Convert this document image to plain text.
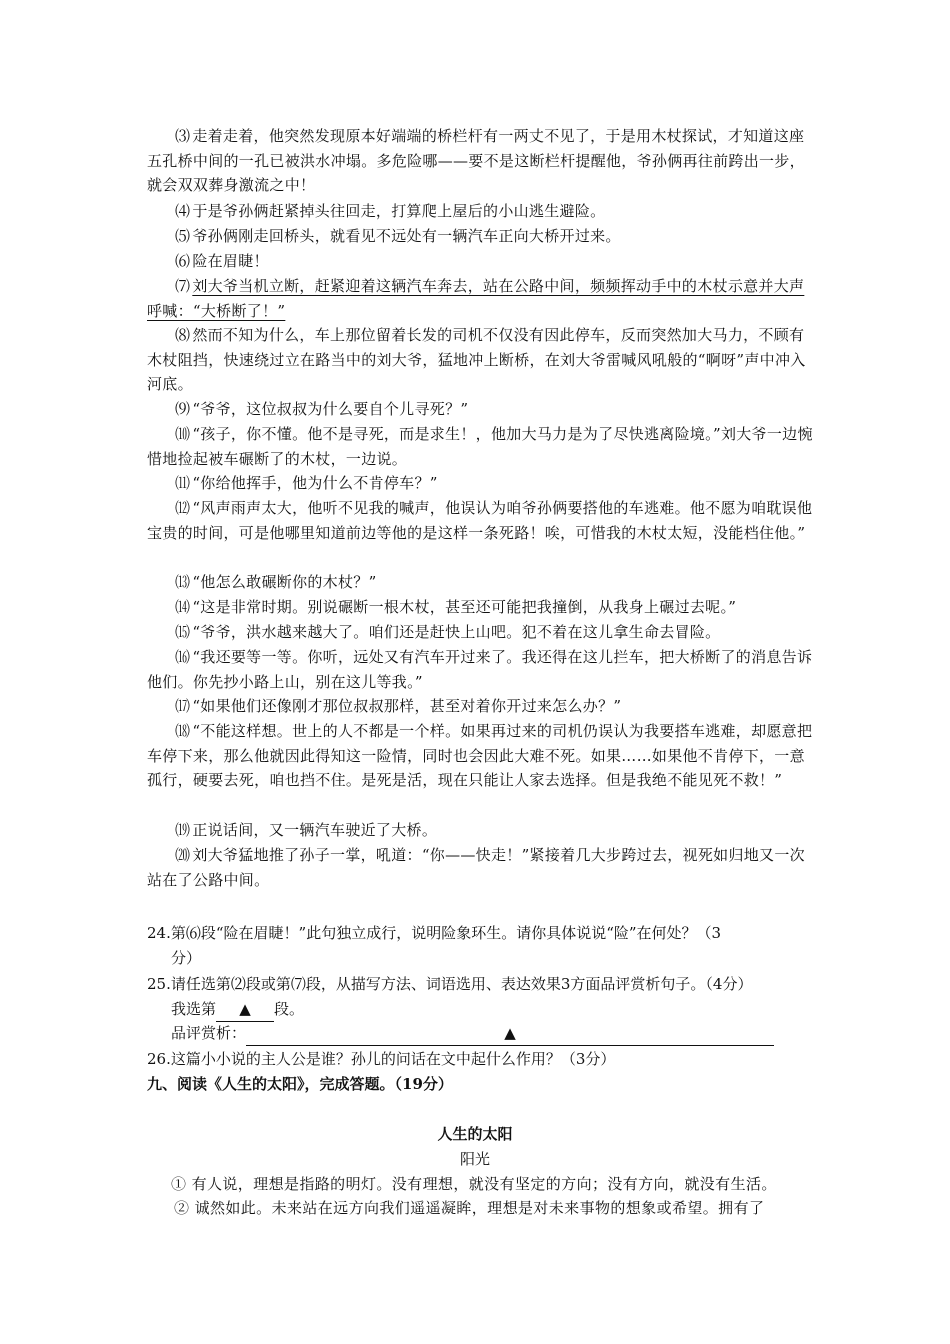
⑶ 走着走着，他突然发现原本好端端的桥栏杆有一两丈不见了，于是用木杖探试，才知道这座五孔桥中间的一孔已被洪水冲塌。多危险哪——要不是这断栏杆提醒他，爷孙俩再往前跨出一步，就会双双葬身激流之中！

⑷ 于是爷孙俩赶紧掉头往回走，打算爬上屋后的小山逃生避险。

⑸ 爷孙俩刚走回桥头，就看见不远处有一辆汽车正向大桥开过来。

⑹ 险在眉睫！

⑺ 刘大爷当机立断，赶紧迎着这辆汽车奔去，站在公路中间，频频挥动手中的木杖示意并大声呼喊：“大桥断了！”

⑻ 然而不知为什么，车上那位留着长发的司机不仅没有因此停车，反而突然加大马力，不顾有木杖阻挡，快速绕过立在路当中的刘大爷，猛地冲上断桥，在刘大爷雷喊风吼般的“啊呀”声中冲入河底。

⑼ “爷爷，这位叔叔为什么要自个儿寻死？”

⑽ “孩子，你不懂。他不是寻死，而是求生！，他加大马力是为了尽快逃离险境。”刘大爷一边惋惜地捡起被车碾断了的木杖，一边说。

⑾ “你给他挥手，他为什么不肯停车？”

⑿ “风声雨声太大，他听不见我的喊声，他误认为咱爷孙俩要搭他的车逃难。他不愿为咱耽误他宝贵的时间，可是他哪里知道前边等他的是这样一条死路！唉，可惜我的木杖太短，没能档住他。”

⒀ “他怎么敢碾断你的木杖？”

⒁ “这是非常时期。别说碾断一根木杖，甚至还可能把我撞倒，从我身上碾过去呢。”

⒂ “爷爷，洪水越来越大了。咱们还是赶快上山吧。犯不着在这儿拿生命去冒险。

⒃ “我还要等一等。你听，远处又有汽车开过来了。我还得在这儿拦车，把大桥断了的消息告诉他们。你先抄小路上山，别在这儿等我。”

⒄ “如果他们还像刚才那位叔叔那样，甚至对着你开过来怎么办？”

⒅ “不能这样想。世上的人不都是一个样。如果再过来的司机仍误认为我要搭车逃难，却愿意把车停下来，那么他就因此得知这一险情，同时也会因此大难不死。如果……如果他不肯停下，一意孤行，硬要去死，咱也挡不住。是死是活，现在只能让人家去选择。但是我绝不能见死不救！”

⒆ 正说话间，又一辆汽车驶近了大桥。

⒇ 刘大爷猛地推了孙子一掌，吼道：“你——快走！”紧接着几大步跨过去，视死如归地又一次站在了公路中间。

24.第⑹段“险在眉睫！”此句独立成行，说明险象环生。请你具体说说“险”在何处？（3
分）

25.请任选第⑵段或第⑺段，从描写方法、词语选用、表达效果3方面品评赏析句子。（4分）

我选第 ▲ 段。

品评赏析：	▲

26.这篇小小说的主人公是谁？孙儿的问话在文中起什么作用？（3分）

九、阅读《人生的太阳》，完成答题。（19分）

人生的太阳

阳光

① 有人说，理想是指路的明灯。没有理想，就没有坚定的方向；没有方向，就没有生活。

② 诚然如此。未来站在远方向我们遥遥凝眸，理想是对未来事物的想象或希望。拥有了
